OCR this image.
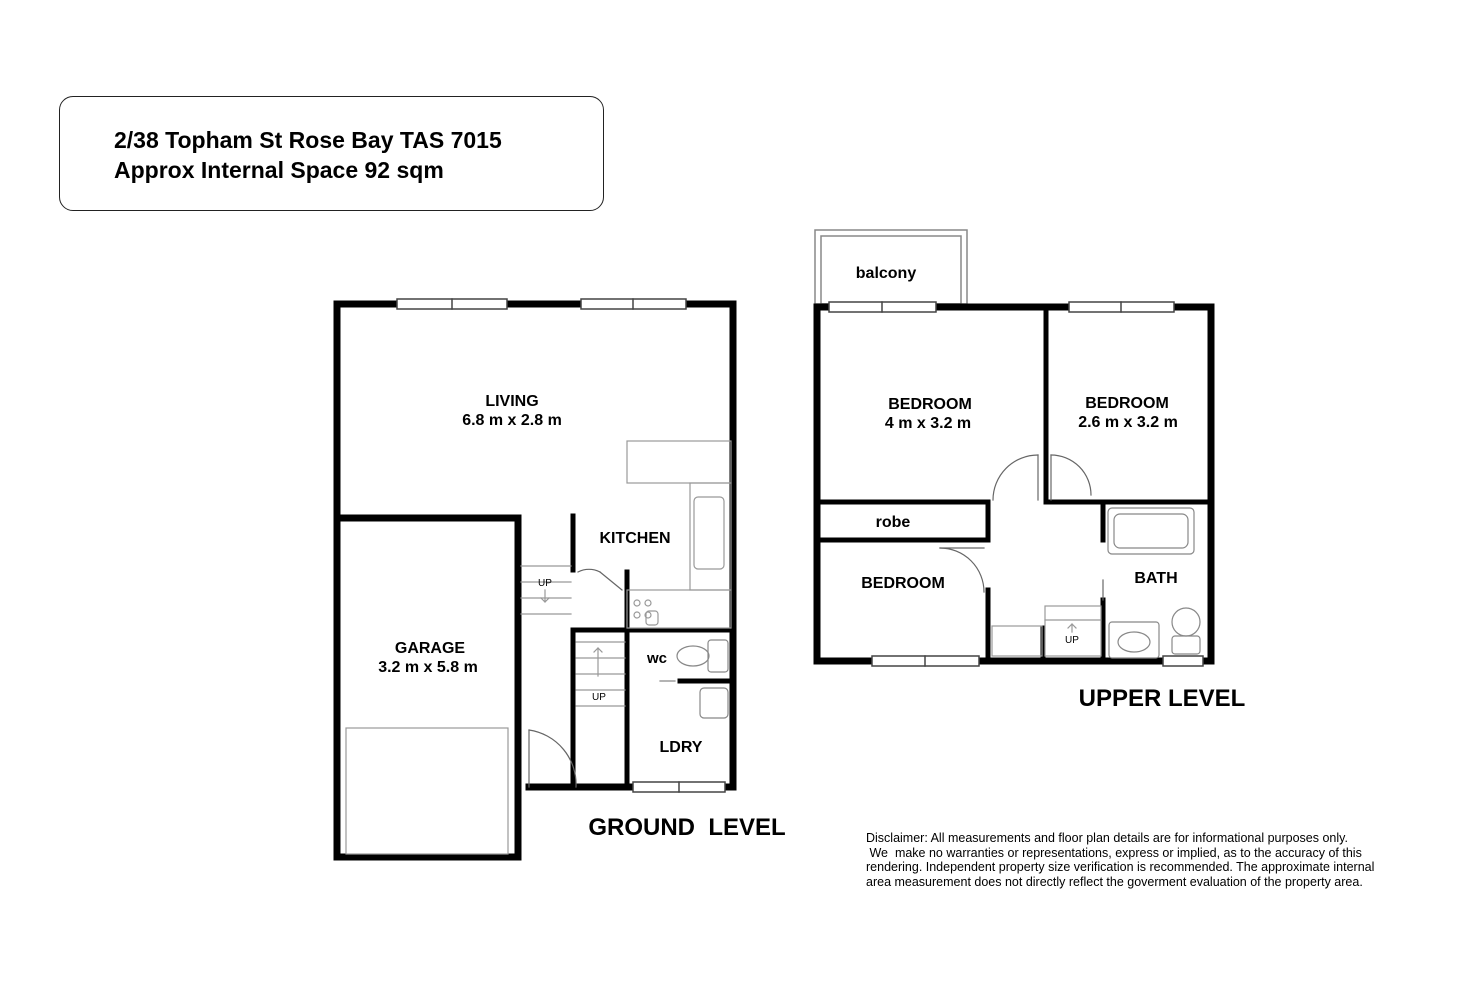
2/38 Topham St Rose Bay TAS 7015
Approx Internal Space 92 sqm
LIVING
6.8 m x 2.8 m
GARAGE
3.2 m x 5.8 m
KITCHEN
wc
LDRY
UP
UP
GROUND  LEVEL
balcony
BEDROOM
4 m x 3.2 m
BEDROOM
2.6 m x 3.2 m
robe
BEDROOM	BATH
UP
UPPER LEVEL
Disclaimer: All measurements and floor plan details are for informational purposes only.
We  make no warranties or representations, express or implied, as to the accuracy of this
rendering. Independent property size verification is recommended. The approximate internal
area measurement does not directly reflect the goverment evaluation of the property area.
